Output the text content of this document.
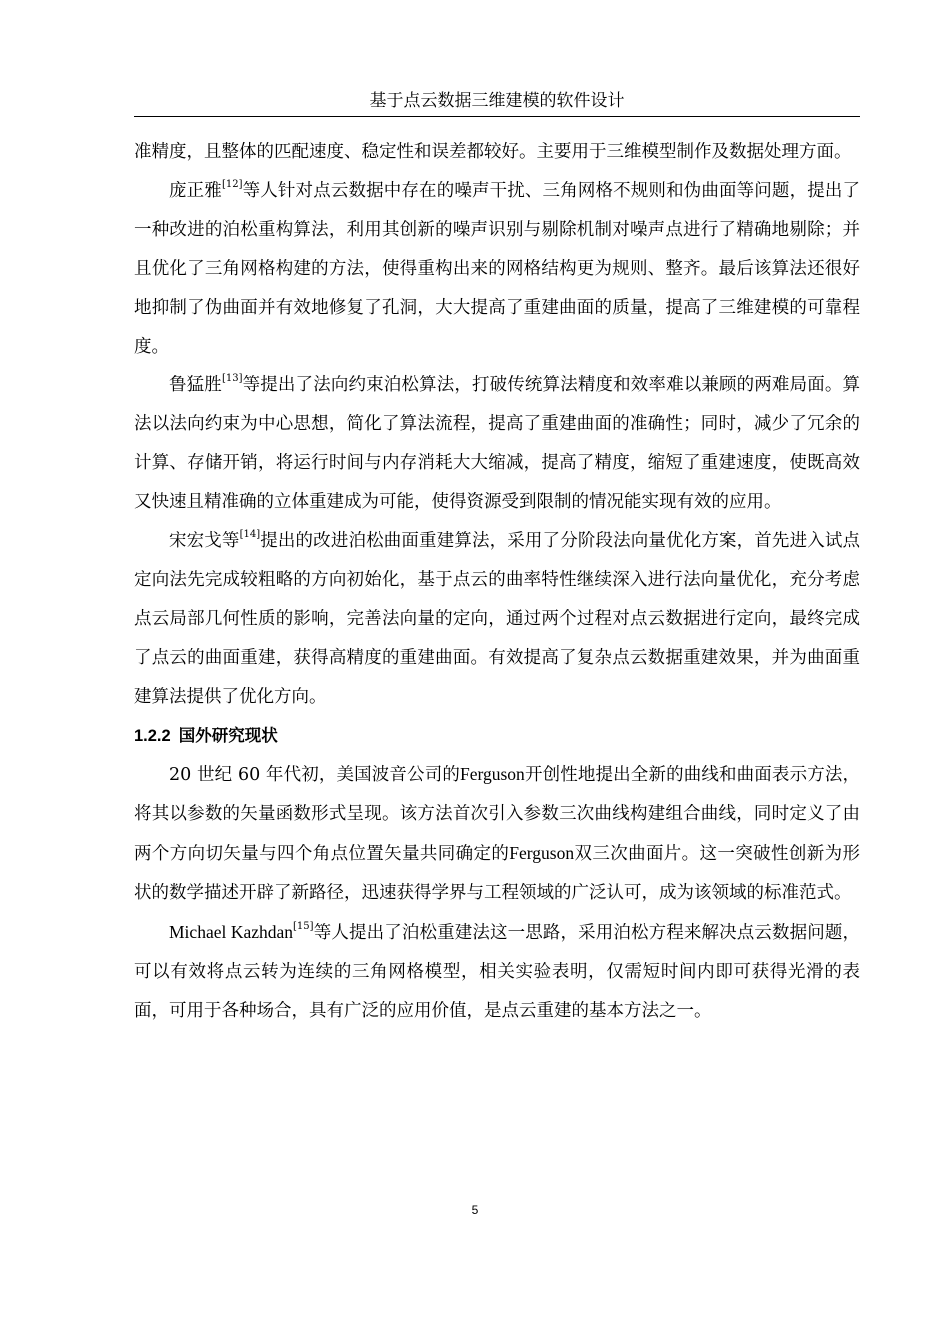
基于点云数据三维建模的软件设计

准精度，且整体的匹配速度、稳定性和误差都较好。主要用于三维模型制作及数据处理方面。

庞正雅[12]等人针对点云数据中存在的噪声干扰、三角网格不规则和伪曲面等问题，提出了一种改进的泊松重构算法，利用其创新的噪声识别与剔除机制对噪声点进行了精确地剔除；并且优化了三角网格构建的方法，使得重构出来的网格结构更为规则、整齐。最后该算法还很好地抑制了伪曲面并有效地修复了孔洞，大大提高了重建曲面的质量，提高了三维建模的可靠程度。

鲁猛胜[13]等提出了法向约束泊松算法，打破传统算法精度和效率难以兼顾的两难局面。算法以法向约束为中心思想，简化了算法流程，提高了重建曲面的准确性；同时，减少了冗余的计算、存储开销，将运行时间与内存消耗大大缩减，提高了精度，缩短了重建速度，使既高效又快速且精准确的立体重建成为可能，使得资源受到限制的情况能实现有效的应用。

宋宏戈等[14]提出的改进泊松曲面重建算法，采用了分阶段法向量优化方案，首先进入试点定向法先完成较粗略的方向初始化，基于点云的曲率特性继续深入进行法向量优化，充分考虑点云局部几何性质的影响，完善法向量的定向，通过两个过程对点云数据进行定向，最终完成了点云的曲面重建，获得高精度的重建曲面。有效提高了复杂点云数据重建效果，并为曲面重建算法提供了优化方向。

1.2.2 国外研究现状

20 世纪 60 年代初，美国波音公司的Ferguson开创性地提出全新的曲线和曲面表示方法，将其以参数的矢量函数形式呈现。该方法首次引入参数三次曲线构建组合曲线，同时定义了由两个方向切矢量与四个角点位置矢量共同确定的Ferguson双三次曲面片。这一突破性创新为形状的数学描述开辟了新路径，迅速获得学界与工程领域的广泛认可，成为该领域的标准范式。

Michael Kazhdan[15]等人提出了泊松重建法这一思路，采用泊松方程来解决点云数据问题，可以有效将点云转为连续的三角网格模型，相关实验表明，仅需短时间内即可获得光滑的表面，可用于各种场合，具有广泛的应用价值，是点云重建的基本方法之一。

5
